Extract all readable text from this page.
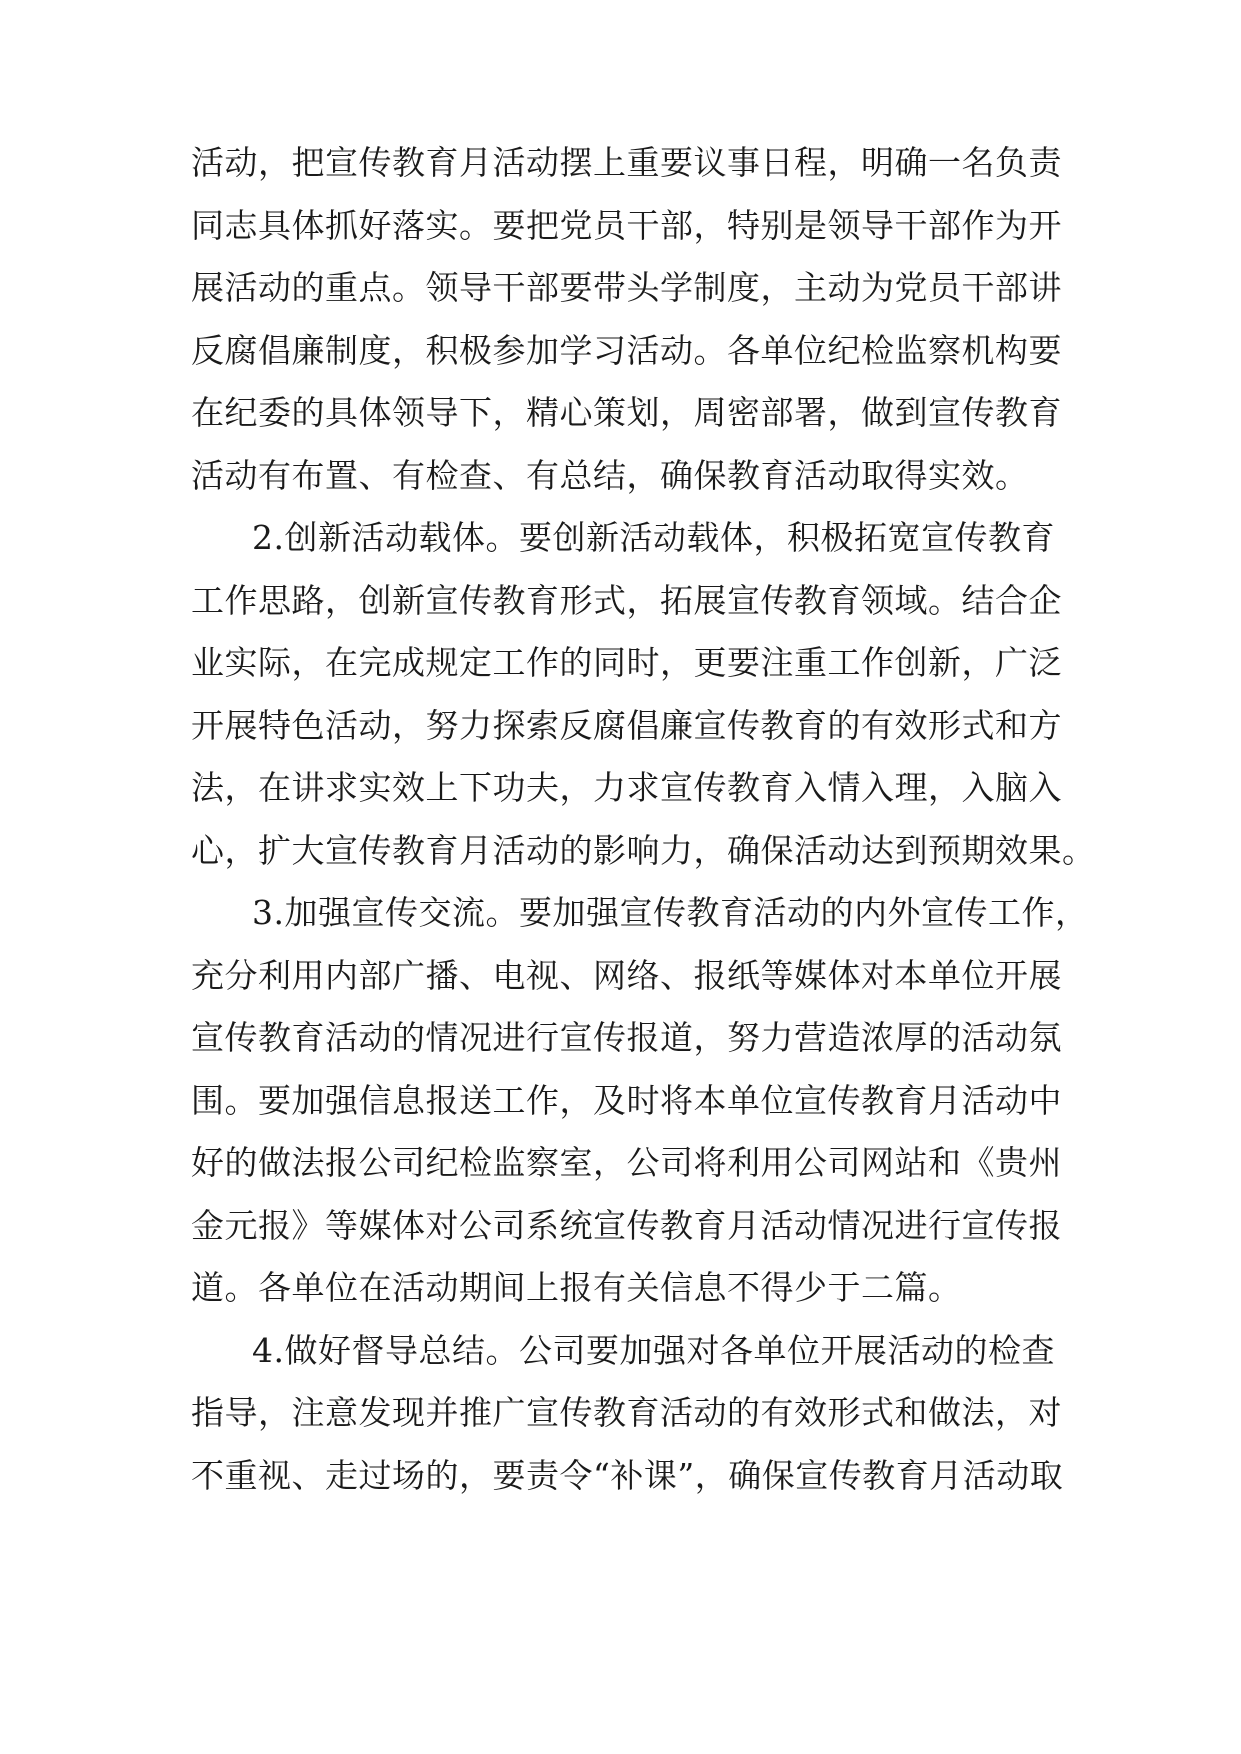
活动，把宣传教育月活动摆上重要议事日程，明确一名负责
同志具体抓好落实。要把党员干部，特别是领导干部作为开
展活动的重点。领导干部要带头学制度，主动为党员干部讲
反腐倡廉制度，积极参加学习活动。各单位纪检监察机构要
在纪委的具体领导下，精心策划，周密部署，做到宣传教育
活动有布置、有检查、有总结，确保教育活动取得实效。
2.创新活动载体。要创新活动载体，积极拓宽宣传教育
工作思路，创新宣传教育形式，拓展宣传教育领域。结合企
业实际，在完成规定工作的同时，更要注重工作创新，广泛
开展特色活动，努力探索反腐倡廉宣传教育的有效形式和方
法，在讲求实效上下功夫，力求宣传教育入情入理，入脑入
心，扩大宣传教育月活动的影响力，确保活动达到预期效果。
3.加强宣传交流。要加强宣传教育活动的内外宣传工作，
充分利用内部广播、电视、网络、报纸等媒体对本单位开展
宣传教育活动的情况进行宣传报道，努力营造浓厚的活动氛
围。要加强信息报送工作，及时将本单位宣传教育月活动中
好的做法报公司纪检监察室，公司将利用公司网站和《贵州
金元报》等媒体对公司系统宣传教育月活动情况进行宣传报
道。各单位在活动期间上报有关信息不得少于二篇。
4.做好督导总结。公司要加强对各单位开展活动的检查
指导，注意发现并推广宣传教育活动的有效形式和做法，对
不重视、走过场的，要责令“补课”，确保宣传教育月活动取
